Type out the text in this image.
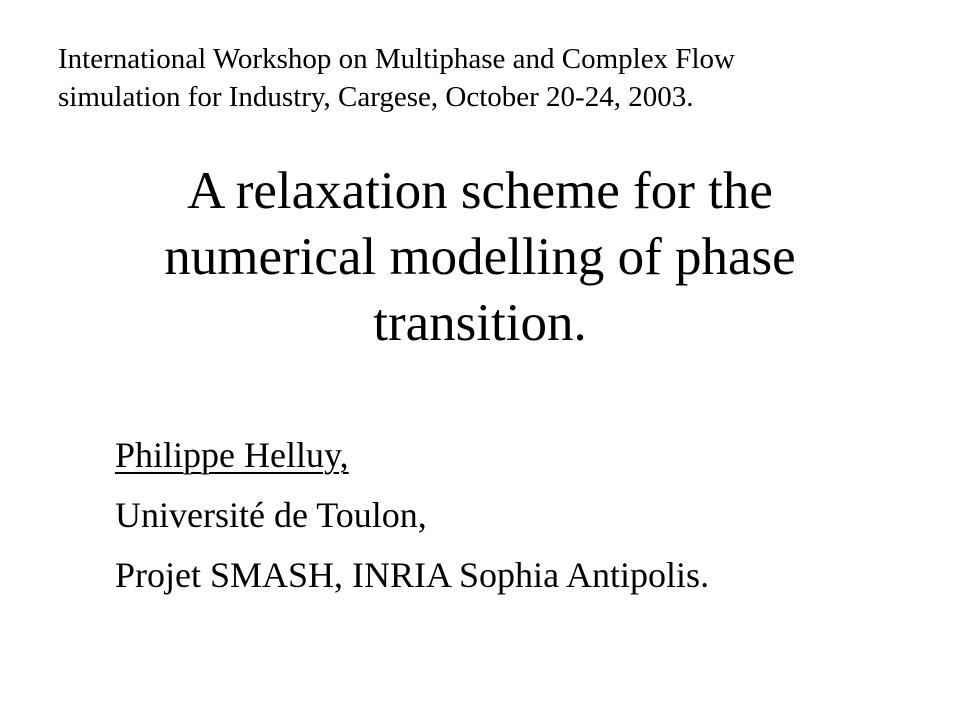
International Workshop on Multiphase and Complex Flow
simulation for Industry, Cargese, October 20-24, 2003.
A relaxation scheme for the
numerical modelling of phase
transition.
Philippe Helluy,
Université de Toulon,
Projet SMASH, INRIA Sophia Antipolis.
